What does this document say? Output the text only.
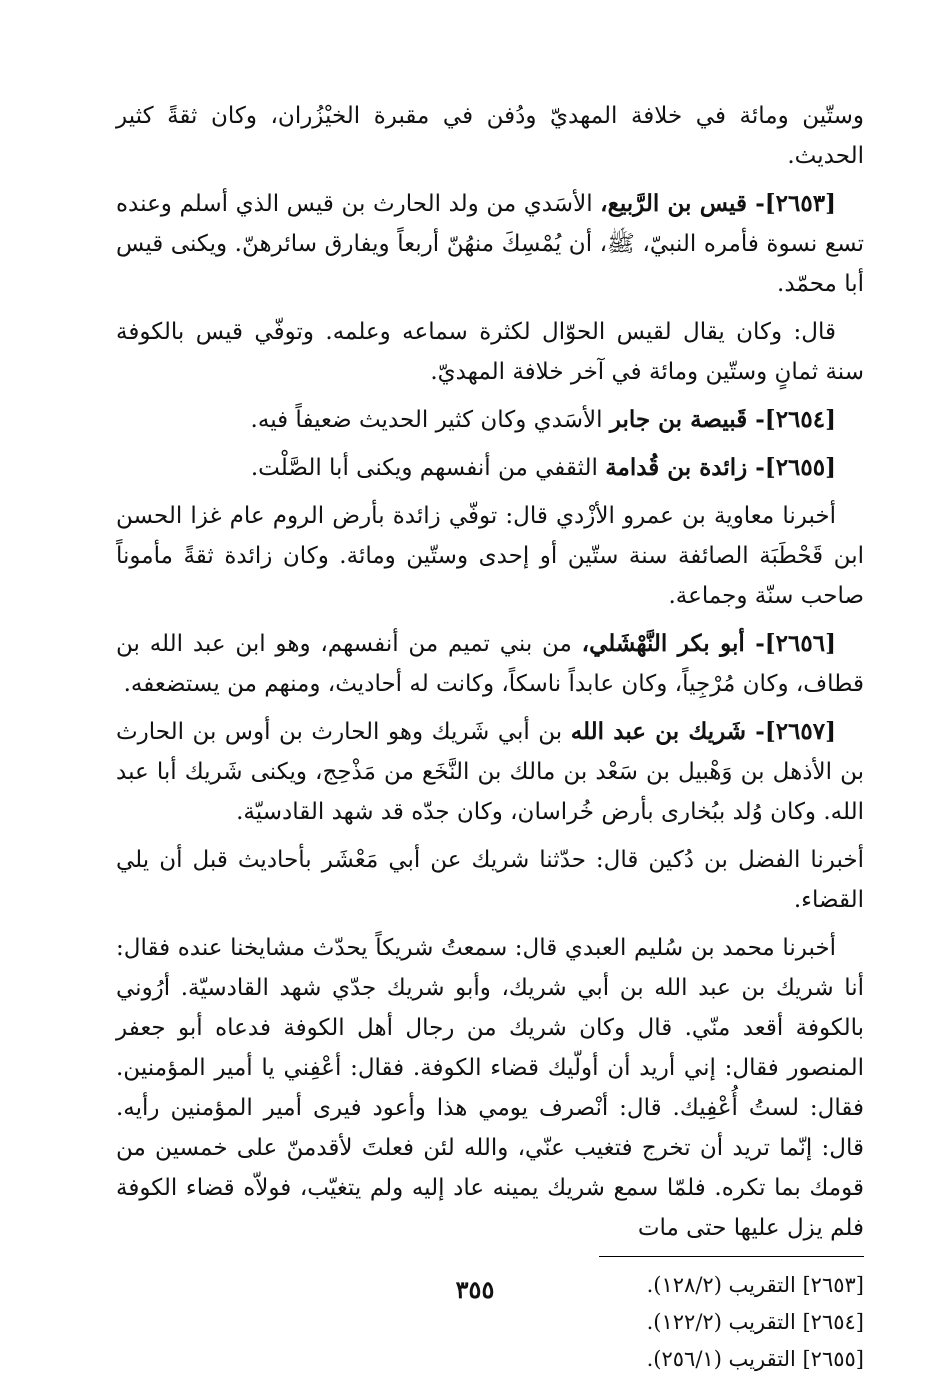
وستّين ومائة في خلافة المهديّ ودُفن في مقبرة الخيْزُران، وكان ثقةً كثير الحديث.

[٢٦٥٣]- قيس بن الرَّبيع، الأسَدي من ولد الحارث بن قيس الذي أسلم وعنده تسع نسوة فأمره النبيّ، ﷺ، أن يُمْسِكَ منهُنّ أربعاً ويفارق سائرهنّ. ويكنى قيس أبا محمّد.

قال: وكان يقال لقيس الحوّال لكثرة سماعه وعلمه. وتوفّي قيس بالكوفة سنة ثمانٍ وستّين ومائة في آخر خلافة المهديّ.

[٢٦٥٤]- قَبيصة بن جابر الأسَدي وكان كثير الحديث ضعيفاً فيه.

[٢٦٥٥]- زائدة بن قُدامة الثقفي من أنفسهم ويكنى أبا الصَّلْت.

أخبرنا معاوية بن عمرو الأزْدي قال: توفّي زائدة بأرض الروم عام غزا الحسن ابن قَحْطَبَة الصائفة سنة ستّين أو إحدى وستّين ومائة. وكان زائدة ثقةً مأموناً صاحب سنّة وجماعة.

[٢٦٥٦]- أبو بكر النَّهْشَلي، من بني تميم من أنفسهم، وهو ابن عبد الله بن قطاف، وكان مُرْجِياً، وكان عابداً ناسكاً، وكانت له أحاديث، ومنهم من يستضعفه.

[٢٦٥٧]- شَريك بن عبد الله بن أبي شَريك وهو الحارث بن أوس بن الحارث بن الأذهل بن وَهْبيل بن سَعْد بن مالك بن النَّخَع من مَذْحِج، ويكنى شَريك أبا عبد الله. وكان وُلد ببُخارى بأرض خُراسان، وكان جدّه قد شهد القادسيّة.

أخبرنا الفضل بن دُكين قال: حدّثنا شريك عن أبي مَعْشَر بأحاديث قبل أن يلي القضاء.

أخبرنا محمد بن سُليم العبدي قال: سمعتُ شريكاً يحدّث مشايخنا عنده فقال: أنا شريك بن عبد الله بن أبي شريك، وأبو شريك جدّي شهد القادسيّة. أرُوني بالكوفة أقعد منّي. قال وكان شريك من رجال أهل الكوفة فدعاه أبو جعفر المنصور فقال: إني أريد أن أولّيك قضاء الكوفة. فقال: أعْفِني يا أمير المؤمنين. فقال: لستُ أُعْفِيك. قال: أنْصرف يومي هذا وأعود فيرى أمير المؤمنين رأيه. قال: إنّما تريد أن تخرج فتغيب عنّي، والله لئن فعلتَ لأقدمنّ على خمسين من قومك بما تكره. فلمّا سمع شريك يمينه عاد إليه ولم يتغيّب، فولاّه قضاء الكوفة فلم يزل عليها حتى مات

[٢٦٥٣] التقريب (١٢٨/٢).

[٢٦٥٤] التقريب (١٢٢/٢).

[٢٦٥٥] التقريب (٢٥٦/١).

٣٥٥
